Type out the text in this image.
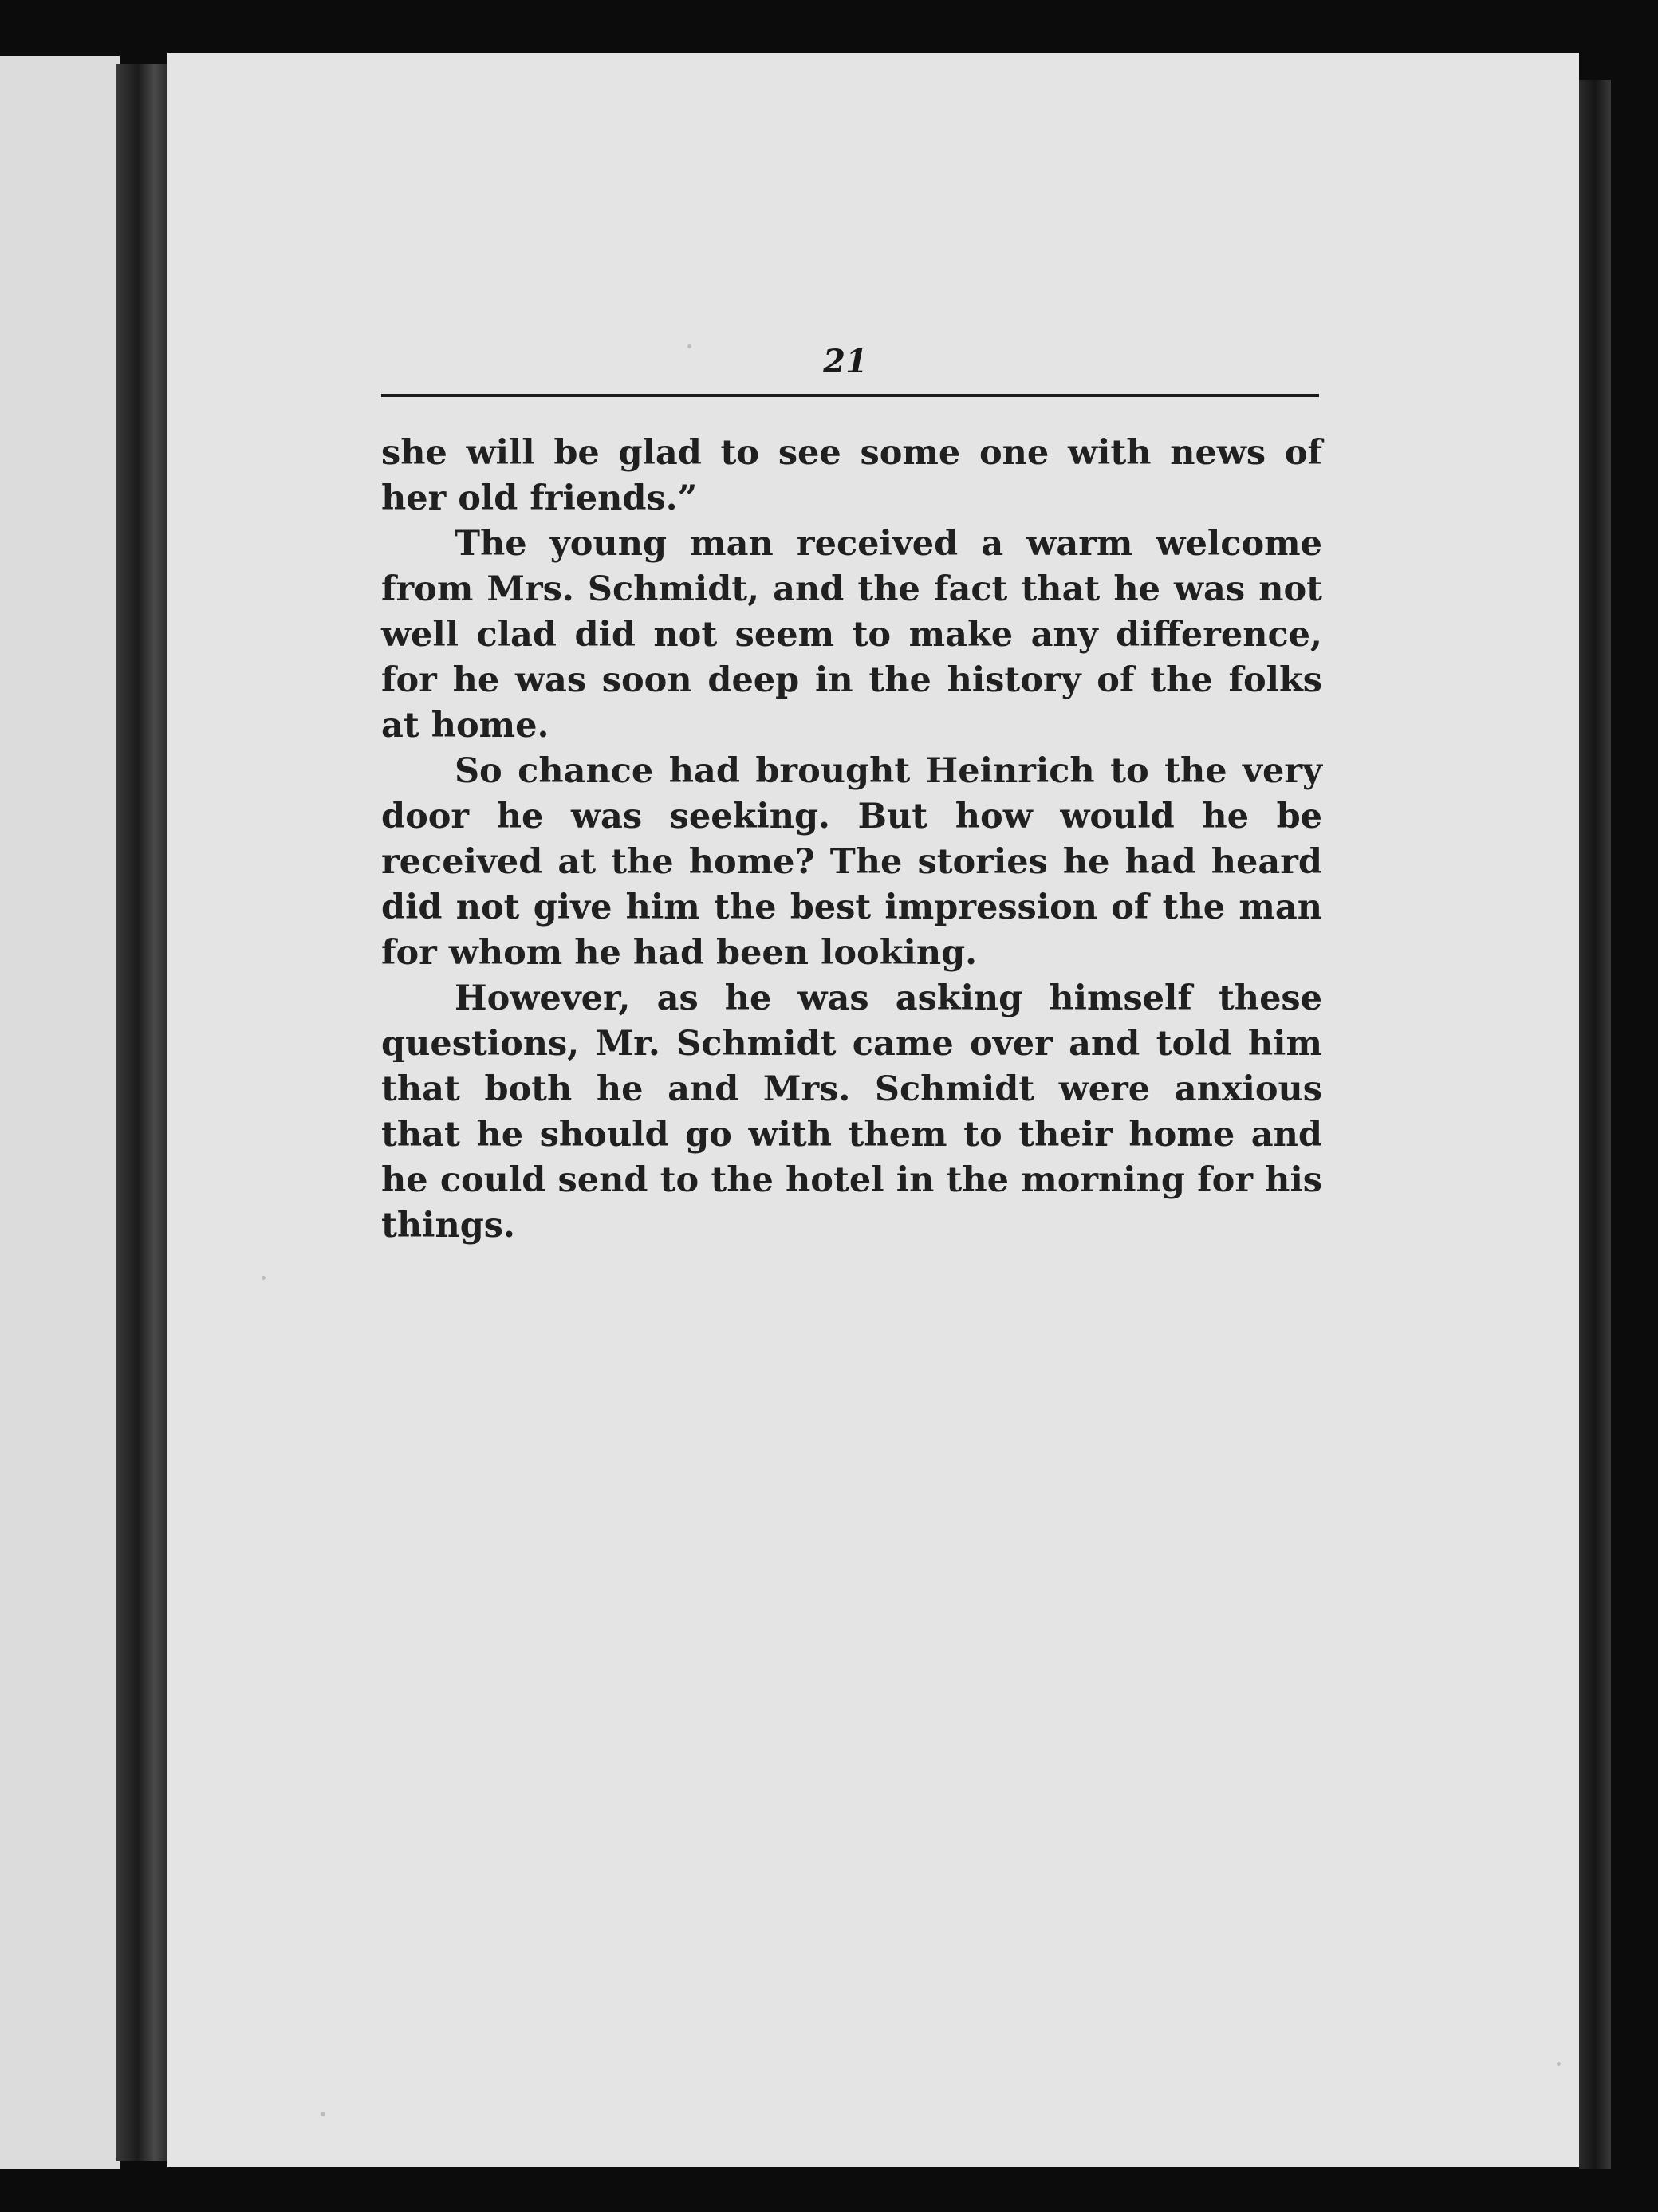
21

she will be glad to see some one with news of her old friends.”

The young man received a warm welcome from Mrs. Schmidt, and the fact that he was not well clad did not seem to make any difference, for he was soon deep in the history of the folks at home.

So chance had brought Heinrich to the very door he was seeking. But how would he be received at the home? The stories he had heard did not give him the best impression of the man for whom he had been looking.

However, as he was asking himself these questions, Mr. Schmidt came over and told him that both he and Mrs. Schmidt were anxious that he should go with them to their home and he could send to the hotel in the morning for his things.
